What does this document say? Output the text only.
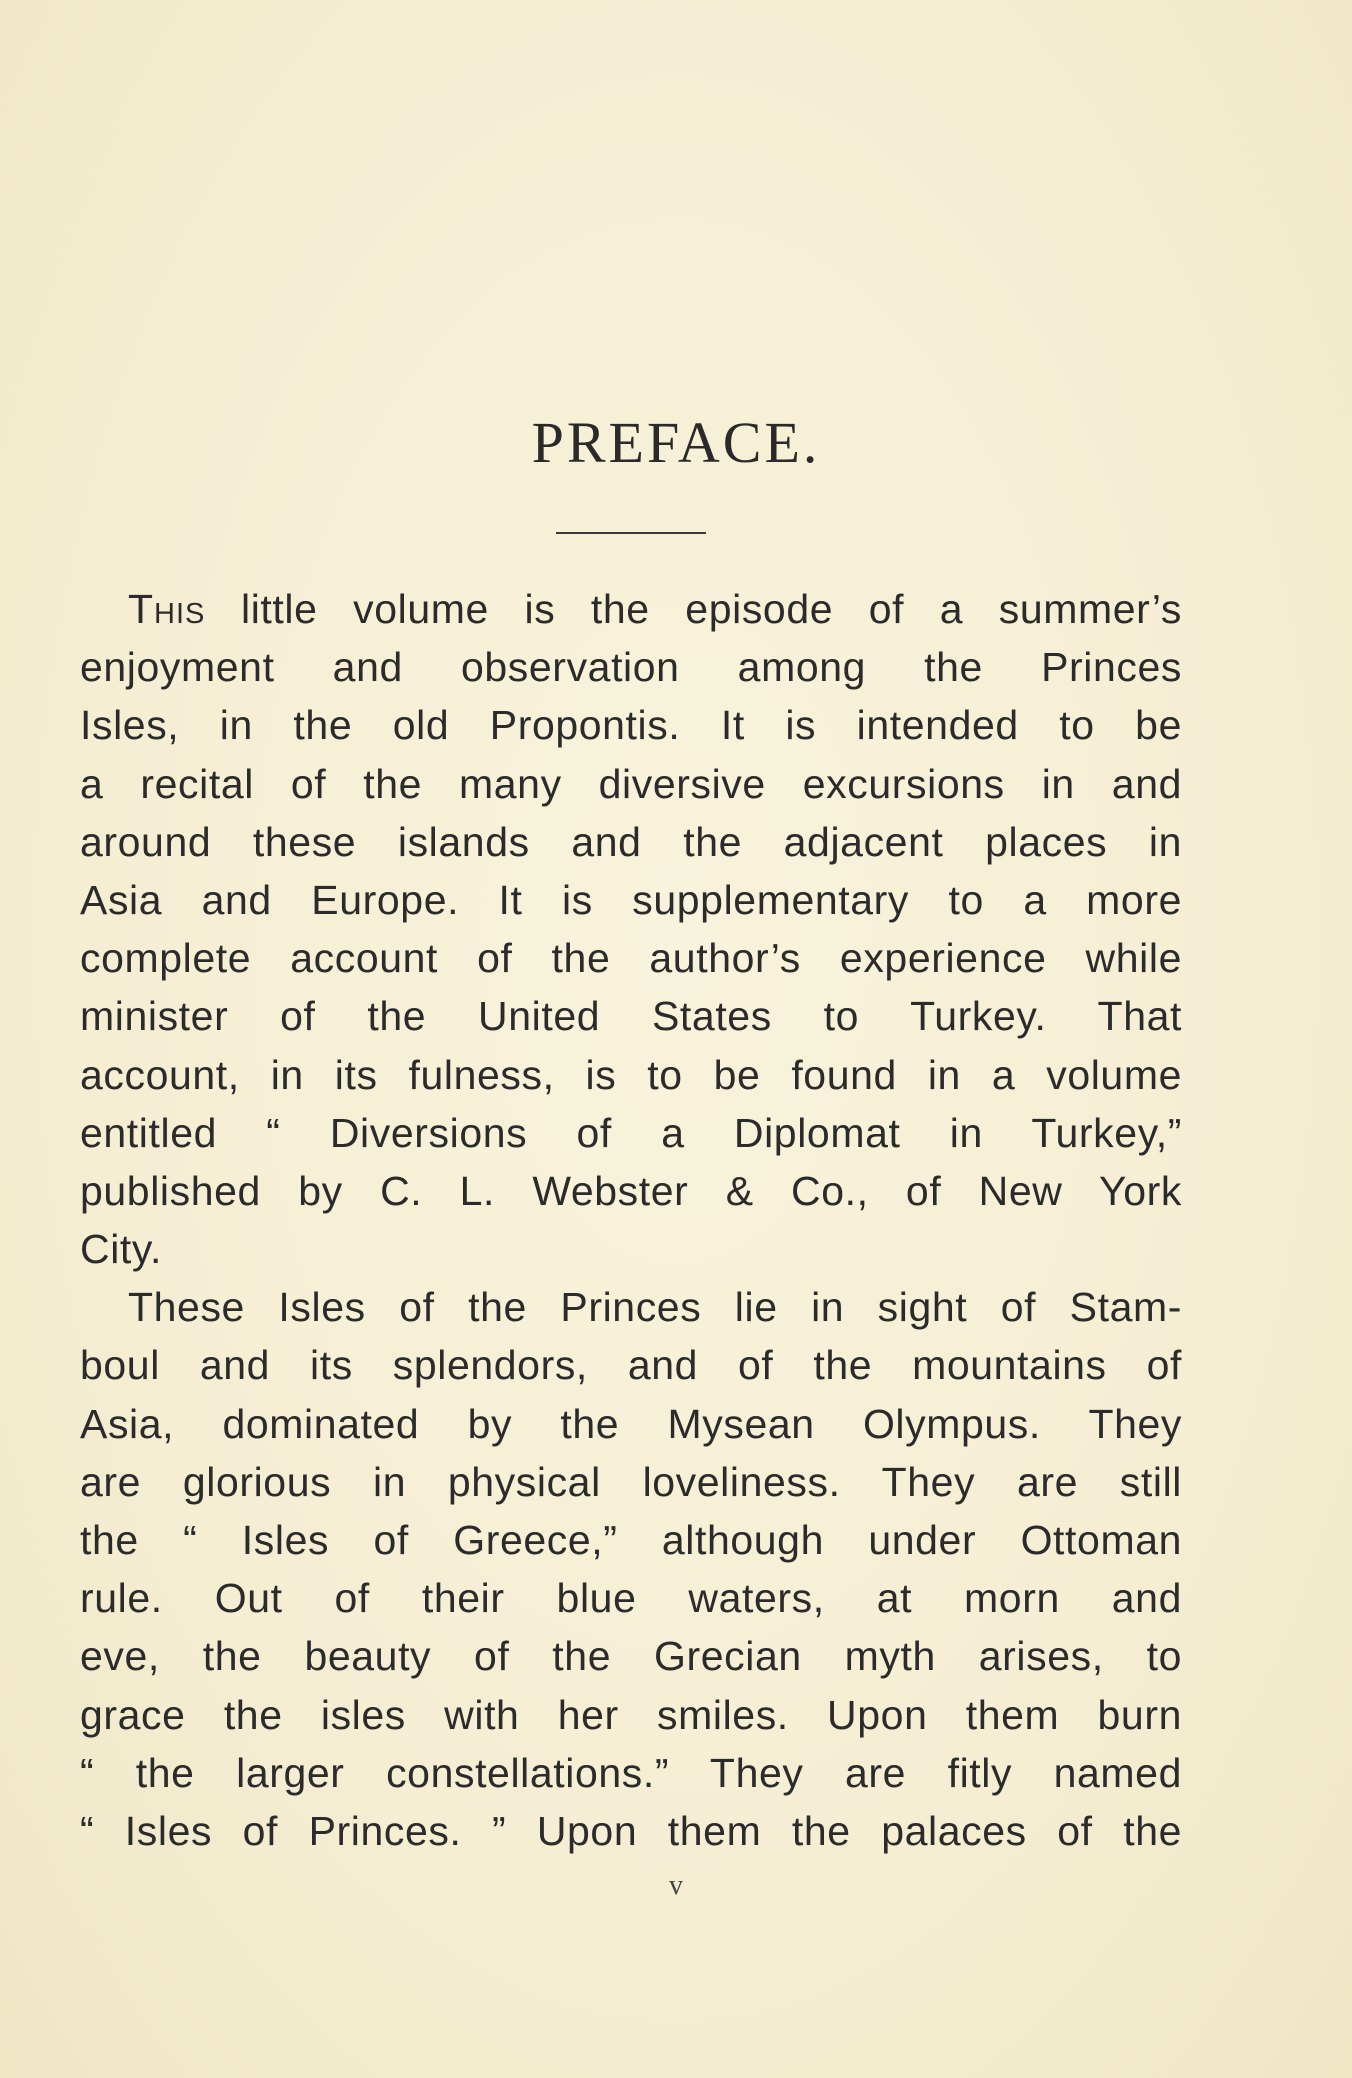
PREFACE.
This little volume is the episode of a summer’s
enjoyment and observation among the Princes
Isles, in the old Propontis. It is intended to be
a recital of the many diversive excursions in and
around these islands and the adjacent places in
Asia and Europe. It is supplementary to a more
complete account of the author’s experience while
minister of the United States to Turkey. That
account, in its fulness, is to be found in a volume
entitled “ Diversions of a Diplomat in Turkey,”
published by C. L. Webster & Co., of New York
City.
These Isles of the Princes lie in sight of Stam-
boul and its splendors, and of the mountains of
Asia, dominated by the Mysean Olympus. They
are glorious in physical loveliness. They are still
the “ Isles of Greece,” although under Ottoman
rule. Out of their blue waters, at morn and
eve, the beauty of the Grecian myth arises, to
grace the isles with her smiles. Upon them burn
“ the larger constellations.” They are fitly named
“ Isles of Princes. ” Upon them the palaces of the
v
